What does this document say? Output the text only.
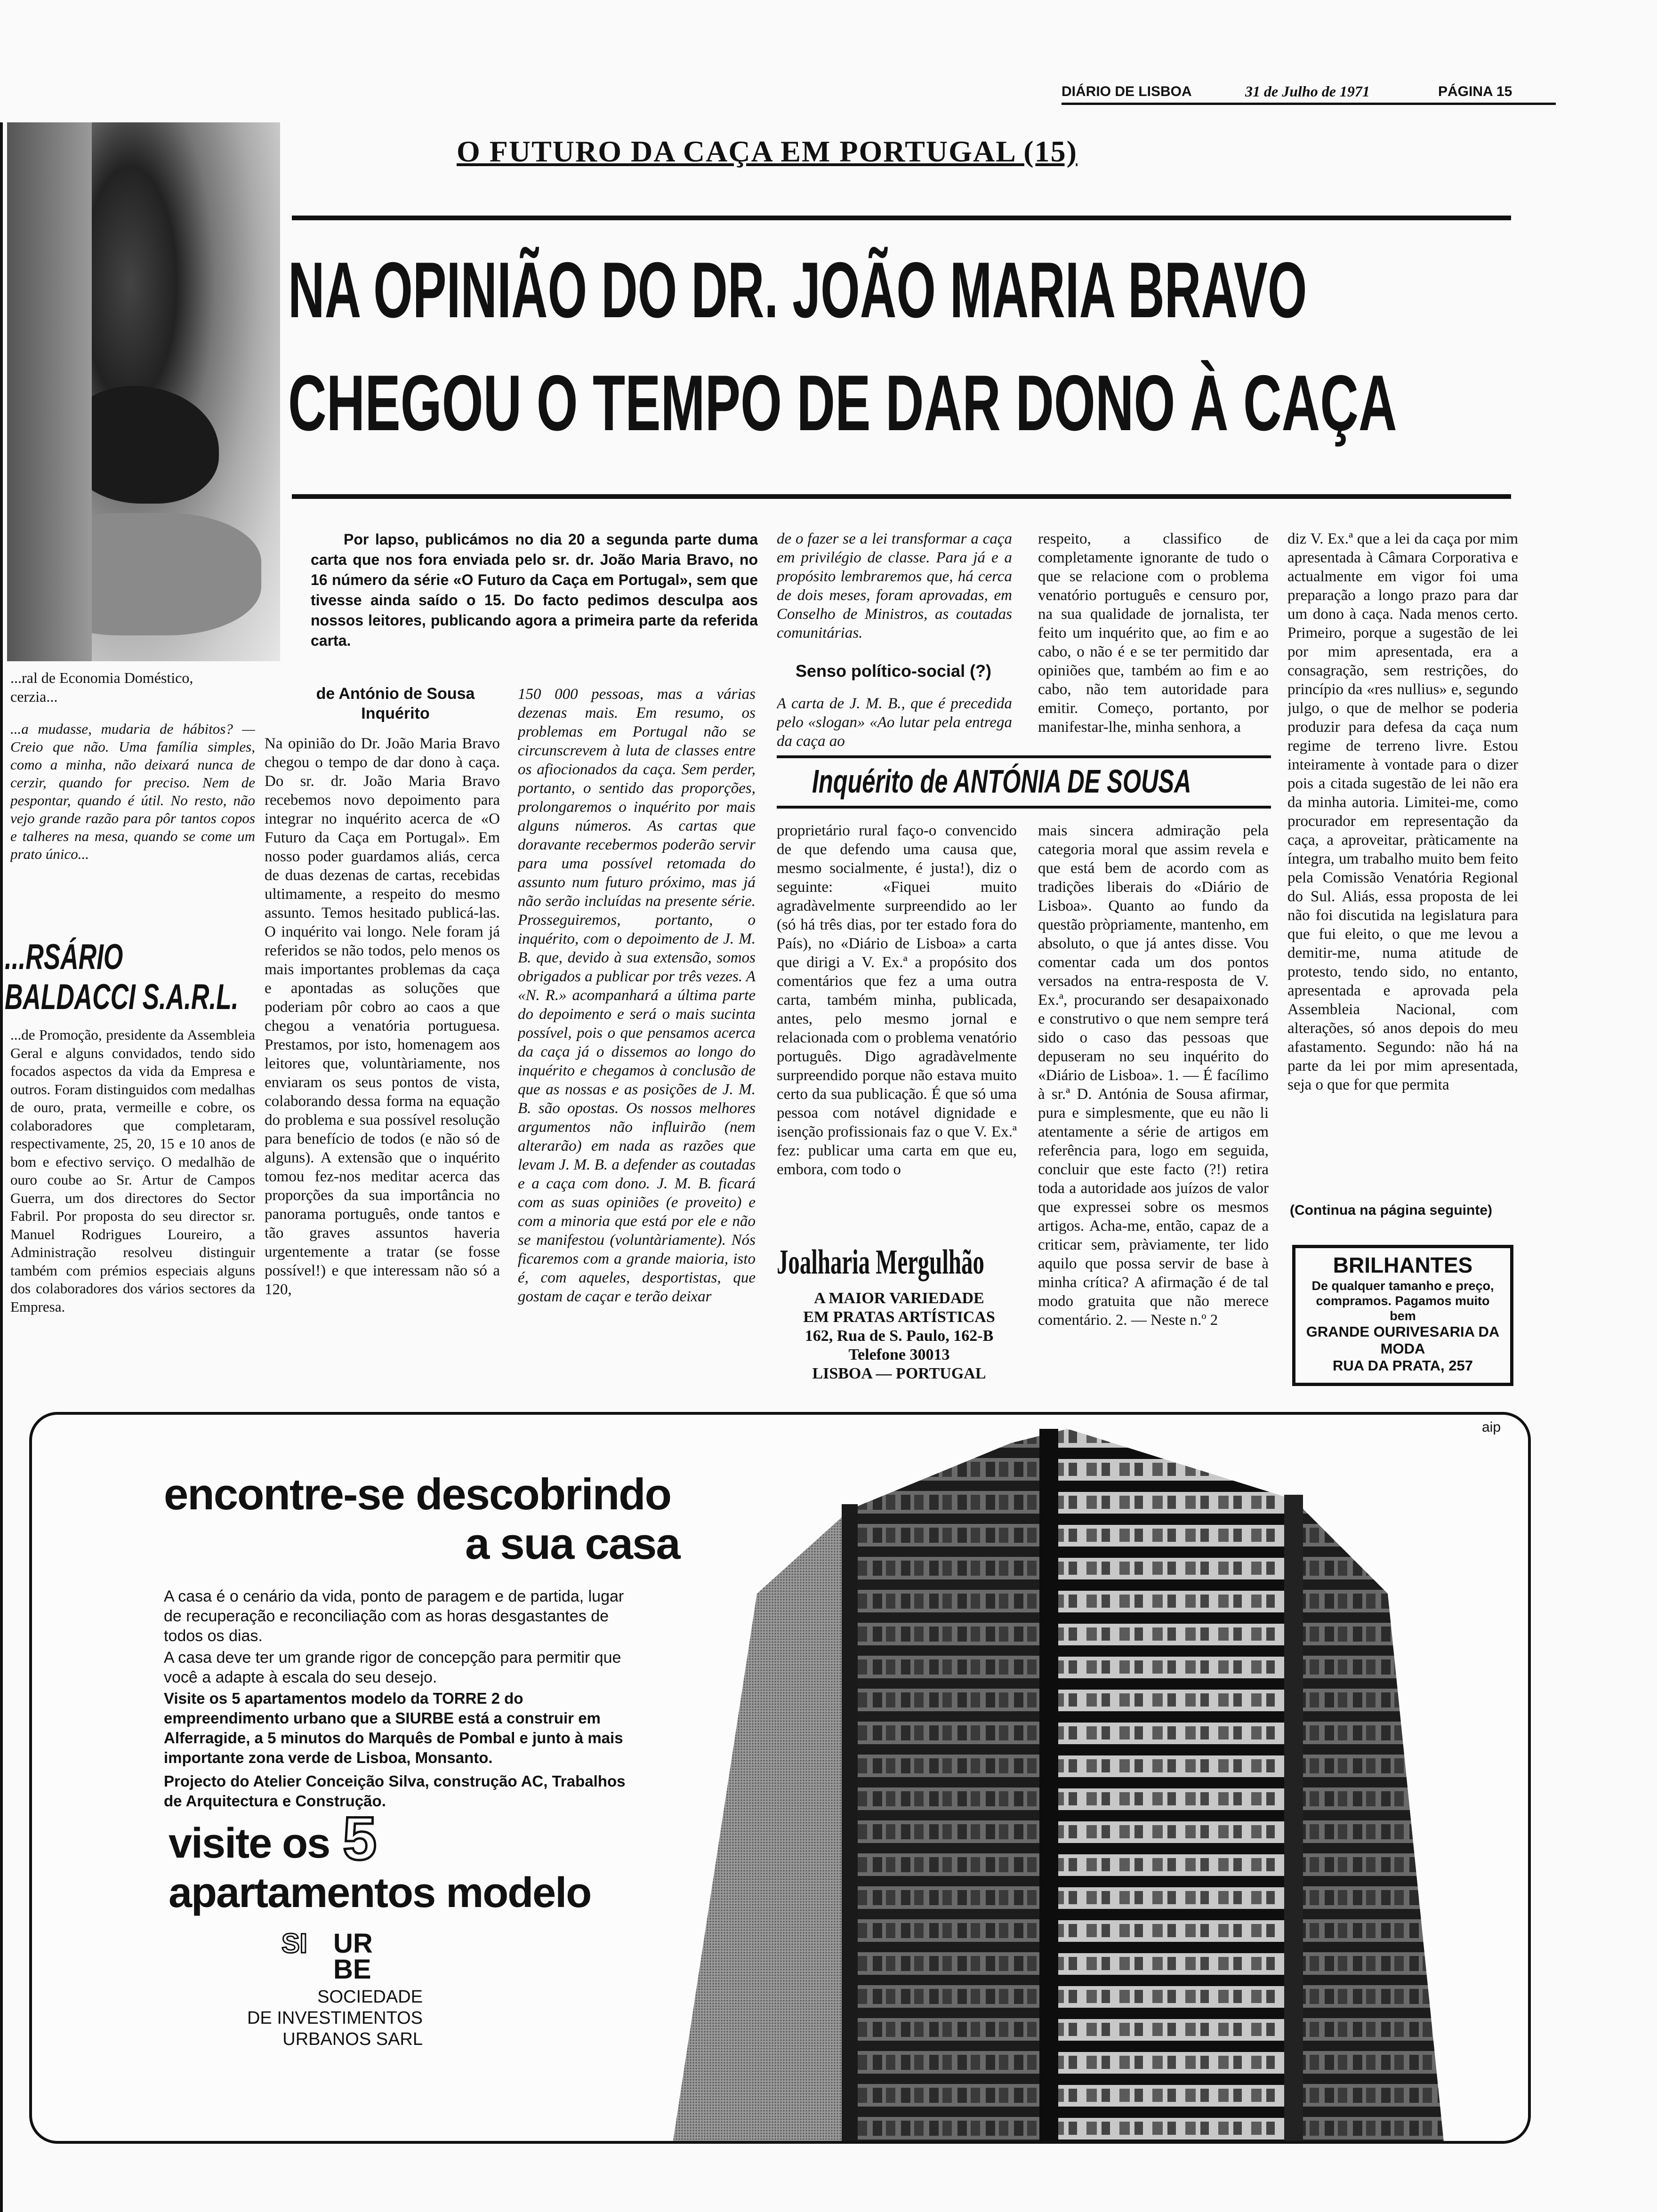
DIÁRIO DE LISBOA	31 de Julho de 1971	PÁGINA 15
O FUTURO DA CAÇA EM PORTUGAL (15)
NA OPINIÃO DO DR. JOÃO MARIA BRAVO
CHEGOU O TEMPO DE DAR DONO À CAÇA
...ral de Economia Doméstico, cerzia...
...a mudasse, mudaria de hábitos? — Creio que não. Uma família simples, como a minha, não deixará nunca de cerzir, quando for preciso. Nem de pespontar, quando é útil. No resto, não vejo grande razão para pôr tantos copos e talheres na mesa, quando se come um prato único...
...RSÁRIO
BALDACCI S.A.R.L.
...de Promoção, presidente da Assembleia Geral e alguns convidados, tendo sido focados aspectos da vida da Empresa e outros. Foram distinguidos com medalhas de ouro, prata, vermeille e cobre, os colaboradores que completaram, respectivamente, 25, 20, 15 e 10 anos de bom e efectivo serviço. O medalhão de ouro coube ao Sr. Artur de Campos Guerra, um dos directores do Sector Fabril. Por proposta do seu director sr. Manuel Rodrigues Loureiro, a Administração resolveu distinguir também com prémios especiais alguns dos colaboradores dos vários sectores da Empresa.
Por lapso, publicámos no dia 20 a segunda parte duma carta que nos fora enviada pelo sr. dr. João Maria Bravo, no 16 número da série «O Futuro da Caça em Portugal», sem que tivesse ainda saído o 15. Do facto pedimos desculpa aos nossos leitores, publicando agora a primeira parte da referida carta.
de António de Sousa
Inquérito
Na opinião do Dr. João Maria Bravo chegou o tempo de dar dono à caça. Do sr. dr. João Maria Bravo recebemos novo depoimento para integrar no inquérito acerca de «O Futuro da Caça em Portugal». Em nosso poder guardamos aliás, cerca de duas dezenas de cartas, recebidas ultimamente, a respeito do mesmo assunto. Temos hesitado publicá-las. O inquérito vai longo. Nele foram já referidos se não todos, pelo menos os mais importantes problemas da caça e apontadas as soluções que poderiam pôr cobro ao caos a que chegou a venatória portuguesa. Prestamos, por isto, homenagem aos leitores que, voluntàriamente, nos enviaram os seus pontos de vista, colaborando dessa forma na equação do problema e sua possível resolução para benefício de todos (e não só de alguns). A extensão que o inquérito tomou fez-nos meditar acerca das proporções da sua importância no panorama português, onde tantos e tão graves assuntos haveria urgentemente a tratar (se fosse possível!) e que interessam não só a 120,
150 000 pessoas, mas a várias dezenas mais. Em resumo, os problemas em Portugal não se circunscrevem à luta de classes entre os afiocionados da caça. Sem perder, portanto, o sentido das proporções, prolongaremos o inquérito por mais alguns números. As cartas que doravante recebermos poderão servir para uma possível retomada do assunto num futuro próximo, mas já não serão incluídas na presente série. Prosseguiremos, portanto, o inquérito, com o depoimento de J. M. B. que, devido à sua extensão, somos obrigados a publicar por três vezes. A «N. R.» acompanhará a última parte do depoimento e será o mais sucinta possível, pois o que pensamos acerca da caça já o dissemos ao longo do inquérito e chegamos à conclusão de que as nossas e as posições de J. M. B. são opostas. Os nossos melhores argumentos não influirão (nem alterarão) em nada as razões que levam J. M. B. a defender as coutadas e a caça com dono. J. M. B. ficará com as suas opiniões (e proveito) e com a minoria que está por ele e não se manifestou (voluntàriamente). Nós ficaremos com a grande maioria, isto é, com aqueles, desportistas, que gostam de caçar e terão deixar
de o fazer se a lei transformar a caça em privilégio de classe. Para já e a propósito lembraremos que, há cerca de dois meses, foram aprovadas, em Conselho de Ministros, as coutadas comunitárias.
Senso político-social (?)
A carta de J. M. B., que é precedida pelo «slogan» «Ao lutar pela entrega da caça ao
respeito, a classifico de completamente ignorante de tudo o que se relacione com o problema venatório português e censuro por, na sua qualidade de jornalista, ter feito um inquérito que, ao fim e ao cabo, o não é e se ter permitido dar opiniões que, também ao fim e ao cabo, não tem autoridade para emitir. Começo, portanto, por manifestar-lhe, minha senhora, a
Inquérito de ANTÓNIA DE SOUSA
proprietário rural faço-o convencido de que defendo uma causa que, mesmo socialmente, é justa!), diz o seguinte: «Fiquei muito agradàvelmente surpreendido ao ler (só há três dias, por ter estado fora do País), no «Diário de Lisboa» a carta que dirigi a V. Ex.ª a propósito dos comentários que fez a uma outra carta, também minha, publicada, antes, pelo mesmo jornal e relacionada com o problema venatório português. Digo agradàvelmente surpreendido porque não estava muito certo da sua publicação. É que só uma pessoa com notável dignidade e isenção profissionais faz o que V. Ex.ª fez: publicar uma carta em que eu, embora, com todo o
mais sincera admiração pela categoria moral que assim revela e que está bem de acordo com as tradições liberais do «Diário de Lisboa». Quanto ao fundo da questão pròpriamente, mantenho, em absoluto, o que já antes disse. Vou comentar cada um dos pontos versados na entra-resposta de V. Ex.ª, procurando ser desapaixonado e construtivo o que nem sempre terá sido o caso das pessoas que depuseram no seu inquérito do «Diário de Lisboa». 1. — É facílimo à sr.ª D. Antónia de Sousa afirmar, pura e simplesmente, que eu não li atentamente a série de artigos em referência para, logo em seguida, concluir que este facto (?!) retira toda a autoridade aos juízos de valor que expressei sobre os mesmos artigos. Acha-me, então, capaz de a criticar sem, pràviamente, ter lido aquilo que possa servir de base à minha crítica? A afirmação é de tal modo gratuita que não merece comentário. 2. — Neste n.º 2
diz V. Ex.ª que a lei da caça por mim apresentada à Câmara Corporativa e actualmente em vigor foi uma preparação a longo prazo para dar um dono à caça. Nada menos certo. Primeiro, porque a sugestão de lei por mim apresentada, era a consagração, sem restrições, do princípio da «res nullius» e, segundo julgo, o que de melhor se poderia produzir para defesa da caça num regime de terreno livre. Estou inteiramente à vontade para o dizer pois a citada sugestão de lei não era da minha autoria. Limitei-me, como procurador em representação da caça, a aproveitar, pràticamente na íntegra, um trabalho muito bem feito pela Comissão Venatória Regional do Sul. Aliás, essa proposta de lei não foi discutida na legislatura para que fui eleito, o que me levou a demitir-me, numa atitude de protesto, tendo sido, no entanto, apresentada e aprovada pela Assembleia Nacional, com alterações, só anos depois do meu afastamento. Segundo: não há na parte da lei por mim apresentada, seja o que for que permita
(Continua na página seguinte)
Joalharia Mergulhão
A MAIOR VARIEDADE
EM PRATAS ARTÍSTICAS
162, Rua de S. Paulo, 162-B
Telefone 30013
LISBOA — PORTUGAL
BRILHANTES
De qualquer tamanho e preço, compramos. Pagamos muito bem
GRANDE OURIVESARIA DA MODA
RUA DA PRATA, 257
aip
encontre-se descobrindo
a sua casa
A casa é o cenário da vida, ponto de paragem e de partida, lugar de recuperação e reconciliação com as horas desgastantes de todos os dias.
A casa deve ter um grande rigor de concepção para permitir que você a adapte à escala do seu desejo.
Visite os 5 apartamentos modelo da TORRE 2 do empreendimento urbano que a SIURBE está a construir em Alferragide, a 5 minutos do Marquês de Pombal e junto à mais importante zona verde de Lisboa, Monsanto.
Projecto do Atelier Conceição Silva, construção AC, Trabalhos de Arquitectura e Construção.
visite os 5
apartamentos modelo
SI UR
BE
SOCIEDADE
DE INVESTIMENTOS
URBANOS SARL
